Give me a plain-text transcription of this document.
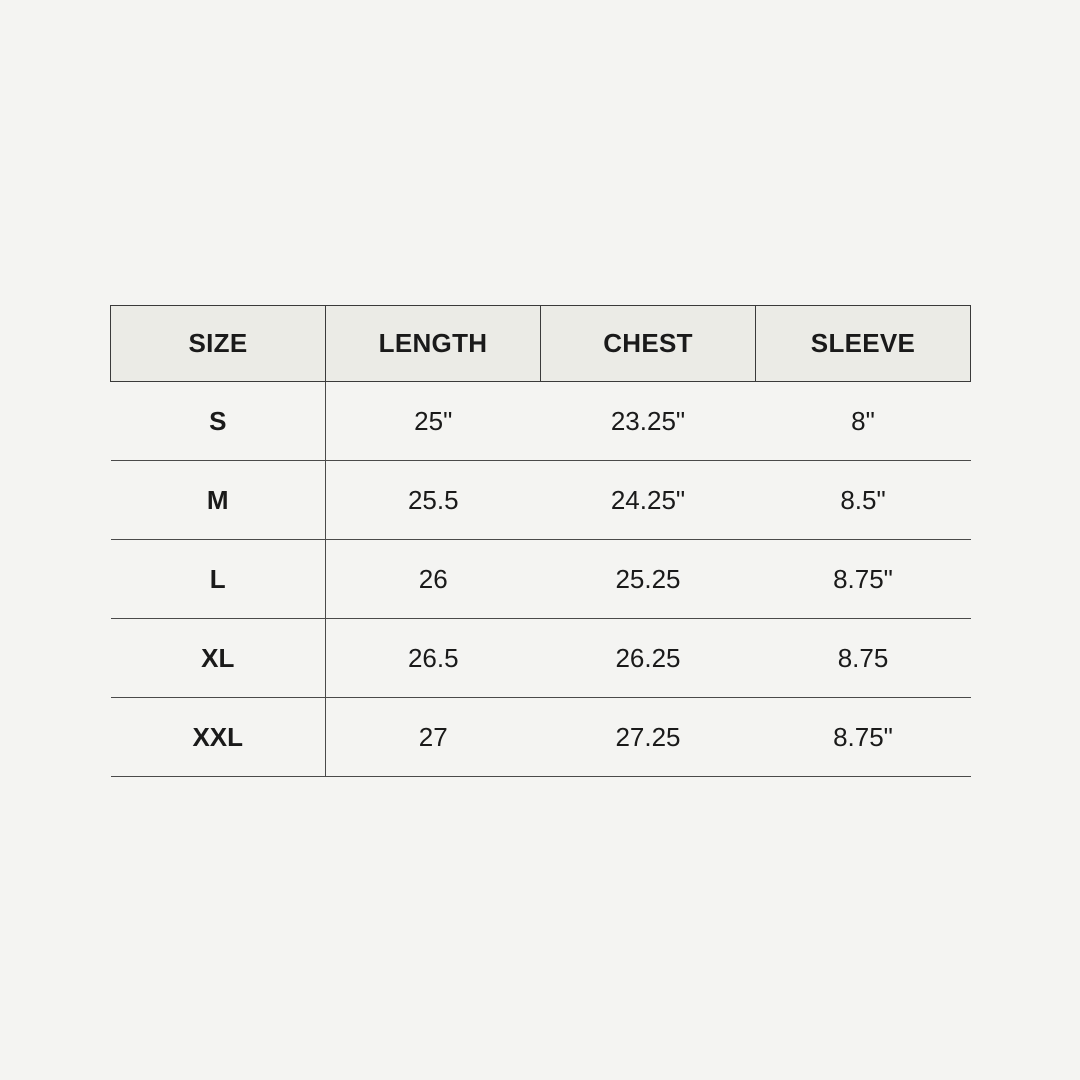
SIZE	LENGTH	CHEST	SLEEVE
S	25"	23.25"	8"
M	25.5	24.25"	8.5"
L	26	25.25	8.75"
XL	26.5	26.25	8.75
XXL	27	27.25	8.75"
